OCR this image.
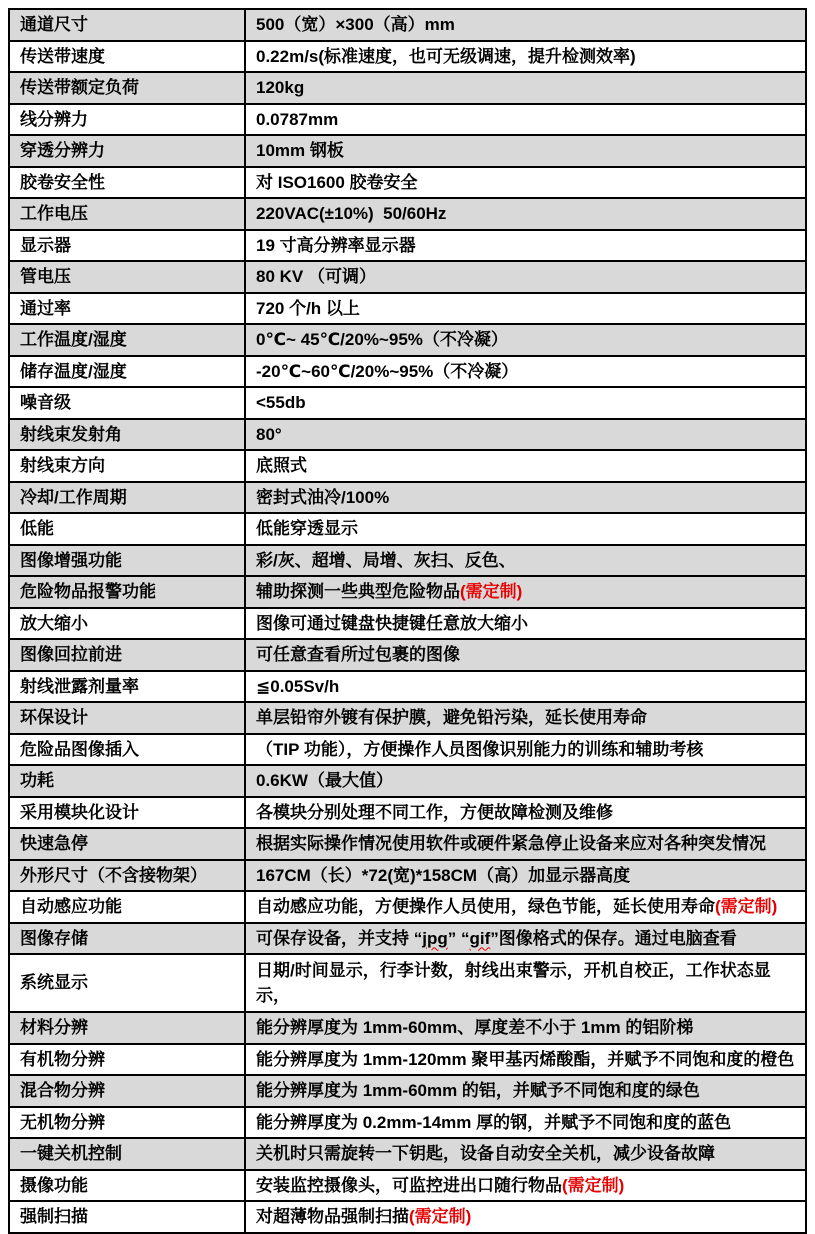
通道尺寸	500（宽）×300（高）mm
传送带速度	0.22m/s(标准速度，也可无级调速，提升检测效率)
传送带额定负荷	120kg
线分辨力	0.0787mm
穿透分辨力	10mm 钢板
胶卷安全性	对 ISO1600 胶卷安全
工作电压	220VAC(±10%)  50/60Hz
显示器	19 寸高分辨率显示器
管电压	80 KV （可调）
通过率	720 个/h 以上
工作温度/湿度	0℃~ 45℃/20%~95%（不冷凝）
储存温度/湿度	-20℃~60℃/20%~95%（不冷凝）
噪音级	<55db
射线束发射角	80°
射线束方向	底照式
冷却/工作周期	密封式油冷/100%
低能	低能穿透显示
图像增强功能	彩/灰、超增、局增、灰扫、反色、
危险物品报警功能	辅助探测一些典型危险物品(需定制)
放大缩小	图像可通过键盘快捷键任意放大缩小
图像回拉前进	可任意查看所过包裹的图像
射线泄露剂量率	≦0.05Sv/h
环保设计	单层铅帘外镀有保护膜，避免铅污染，延长使用寿命
危险品图像插入	（TIP 功能），方便操作人员图像识别能力的训练和辅助考核
功耗	0.6KW（最大值）
采用模块化设计	各模块分别处理不同工作，方便故障检测及维修
快速急停	根据实际操作情况使用软件或硬件紧急停止设备来应对各种突发情况
外形尺寸（不含接物架）	167CM（长）*72(宽)*158CM（高）加显示器高度
自动感应功能	自动感应功能，方便操作人员使用，绿色节能，延长使用寿命(需定制)
图像存储	可保存设备，并支持 “jpg” “gif”图像格式的保存。通过电脑查看
系统显示	日期/时间显示，行李计数，射线出束警示，开机自校正，工作状态显示，
材料分辨	能分辨厚度为 1mm-60mm、厚度差不小于 1mm 的铝阶梯
有机物分辨	能分辨厚度为 1mm-120mm 聚甲基丙烯酸酯，并赋予不同饱和度的橙色
混合物分辨	能分辨厚度为 1mm-60mm 的铝，并赋予不同饱和度的绿色
无机物分辨	能分辨厚度为 0.2mm-14mm 厚的钢，并赋予不同饱和度的蓝色
一键关机控制	关机时只需旋转一下钥匙，设备自动安全关机，减少设备故障
摄像功能	安装监控摄像头，可监控进出口随行物品(需定制)
强制扫描	对超薄物品强制扫描(需定制)
